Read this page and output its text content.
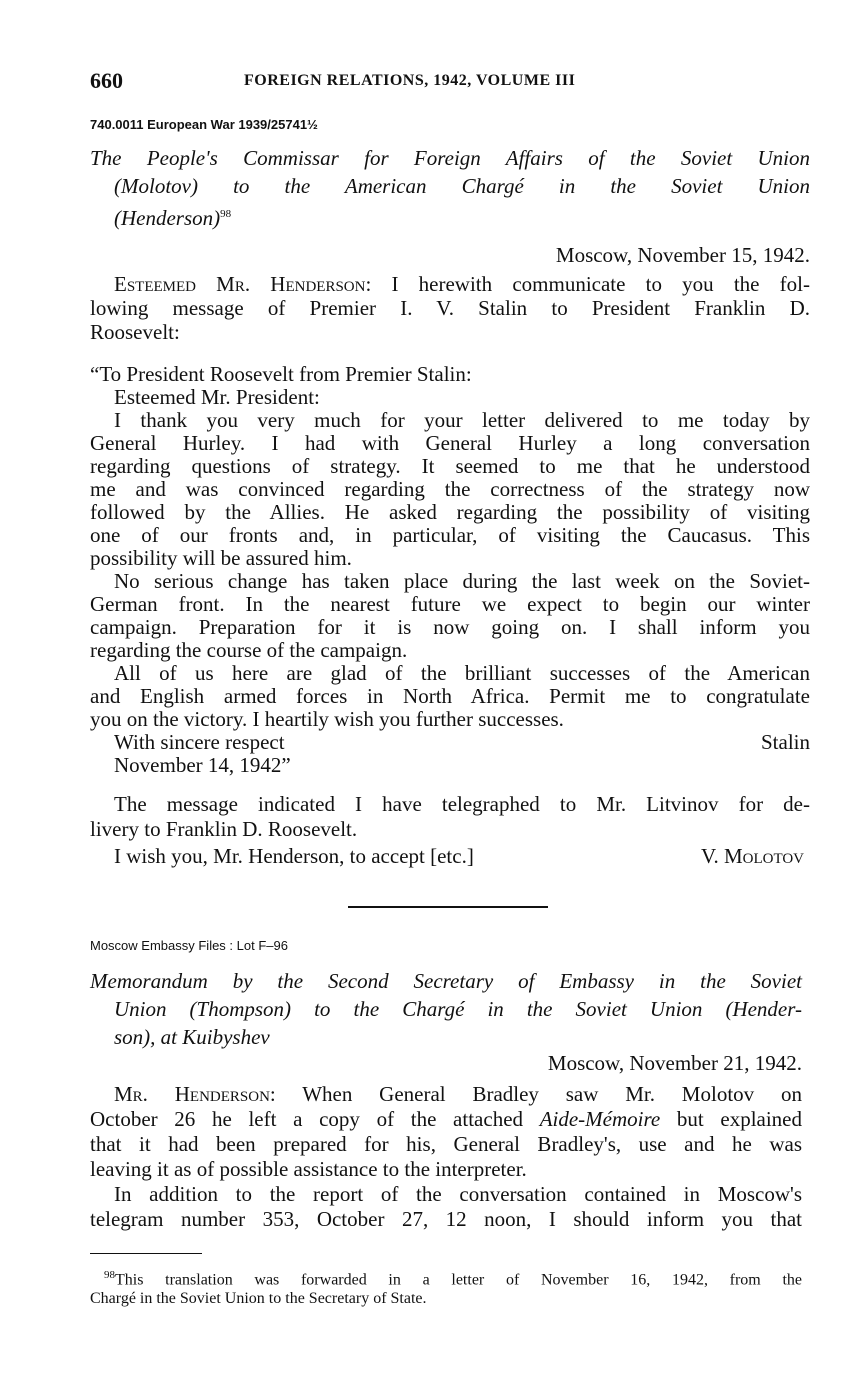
660	FOREIGN RELATIONS, 1942, VOLUME III
740.0011 European War 1939/25741½
The People's Commissar for Foreign Affairs of the Soviet Union
(Molotov) to the American Chargé in the Soviet Union
(Henderson)$^{98}$
Moscow, November 15, 1942.
Esteemed Mr. Henderson: I herewith communicate to you the fol-
lowing message of Premier I. V. Stalin to President Franklin D.
Roosevelt:
“To President Roosevelt from Premier Stalin:
Esteemed Mr. President:
I thank you very much for your letter delivered to me today by
General Hurley. I had with General Hurley a long conversation
regarding questions of strategy. It seemed to me that he understood
me and was convinced regarding the correctness of the strategy now
followed by the Allies. He asked regarding the possibility of visiting
one of our fronts and, in particular, of visiting the Caucasus. This
possibility will be assured him.
No serious change has taken place during the last week on the Soviet-
German front. In the nearest future we expect to begin our winter
campaign. Preparation for it is now going on. I shall inform you
regarding the course of the campaign.
All of us here are glad of the brilliant successes of the American
and English armed forces in North Africa. Permit me to congratulate
you on the victory. I heartily wish you further successes.
With sincere respect	Stalin
November 14, 1942”
The message indicated I have telegraphed to Mr. Litvinov for de-
livery to Franklin D. Roosevelt.
I wish you, Mr. Henderson, to accept [etc.]	V. Molotov
Moscow Embassy Files : Lot F–96
Memorandum by the Second Secretary of Embassy in the Soviet
Union (Thompson) to the Chargé in the Soviet Union (Hender-
son), at Kuibyshev
Moscow, November 21, 1942.
Mr. Henderson: When General Bradley saw Mr. Molotov on
October 26 he left a copy of the attached Aide-Mémoire but explained
that it had been prepared for his, General Bradley's, use and he was
leaving it as of possible assistance to the interpreter.
In addition to the report of the conversation contained in Moscow's
telegram number 353, October 27, 12 noon, I should inform you that
$^{98}$This translation was forwarded in a letter of November 16, 1942, from the
Chargé in the Soviet Union to the Secretary of State.
